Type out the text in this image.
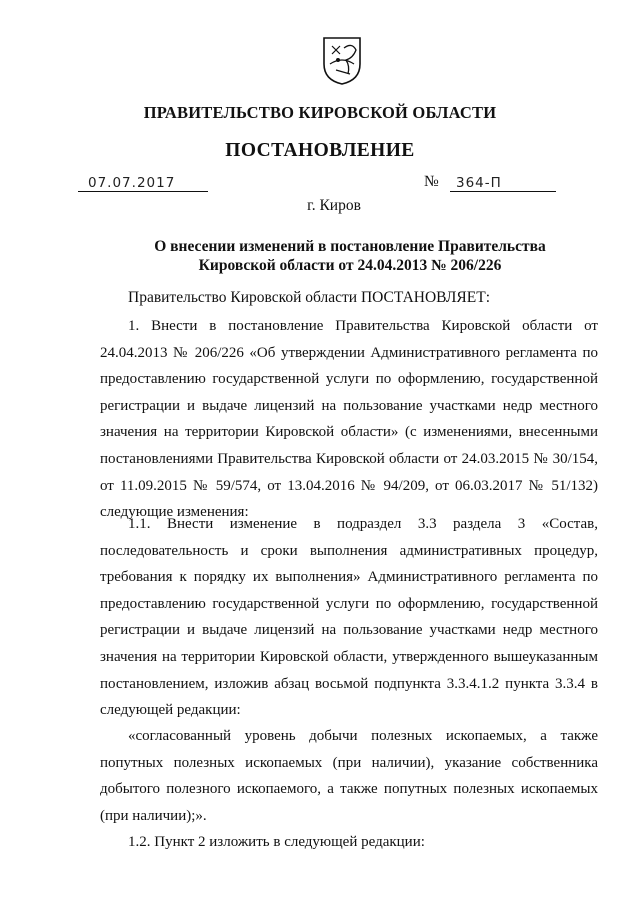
ПРАВИТЕЛЬСТВО КИРОВСКОЙ ОБЛАСТИ
ПОСТАНОВЛЕНИЕ
07.07.2017	№ 364-П
г. Киров
О внесении изменений в постановление Правительства
Кировской области от 24.04.2013 № 206/226

Правительство Кировской области ПОСТАНОВЛЯЕТ:

1. Внести в постановление Правительства Кировской области от 24.04.2013 № 206/226 «Об утверждении Административного регламента по предоставлению государственной услуги по оформлению, государственной регистрации и выдаче лицензий на пользование участками недр местного значения на территории Кировской области» (с изменениями, внесенными постановлениями Правительства Кировской области от 24.03.2015 № 30/154, от 11.09.2015 № 59/574, от 13.04.2016 № 94/209, от 06.03.2017 № 51/132) следующие изменения:

1.1. Внести изменение в подраздел 3.3 раздела 3 «Состав, последовательность и сроки выполнения административных процедур, требования к порядку их выполнения» Административного регламента по предоставлению государственной услуги по оформлению, государственной регистрации и выдаче лицензий на пользование участками недр местного значения на территории Кировской области, утвержденного вышеуказанным постановлением, изложив абзац восьмой подпункта 3.3.4.1.2 пункта 3.3.4 в следующей редакции:

«согласованный уровень добычи полезных ископаемых, а также попутных полезных ископаемых (при наличии), указание собственника добытого полезного ископаемого, а также попутных полезных ископаемых (при наличии);».

1.2. Пункт 2 изложить в следующей редакции:
